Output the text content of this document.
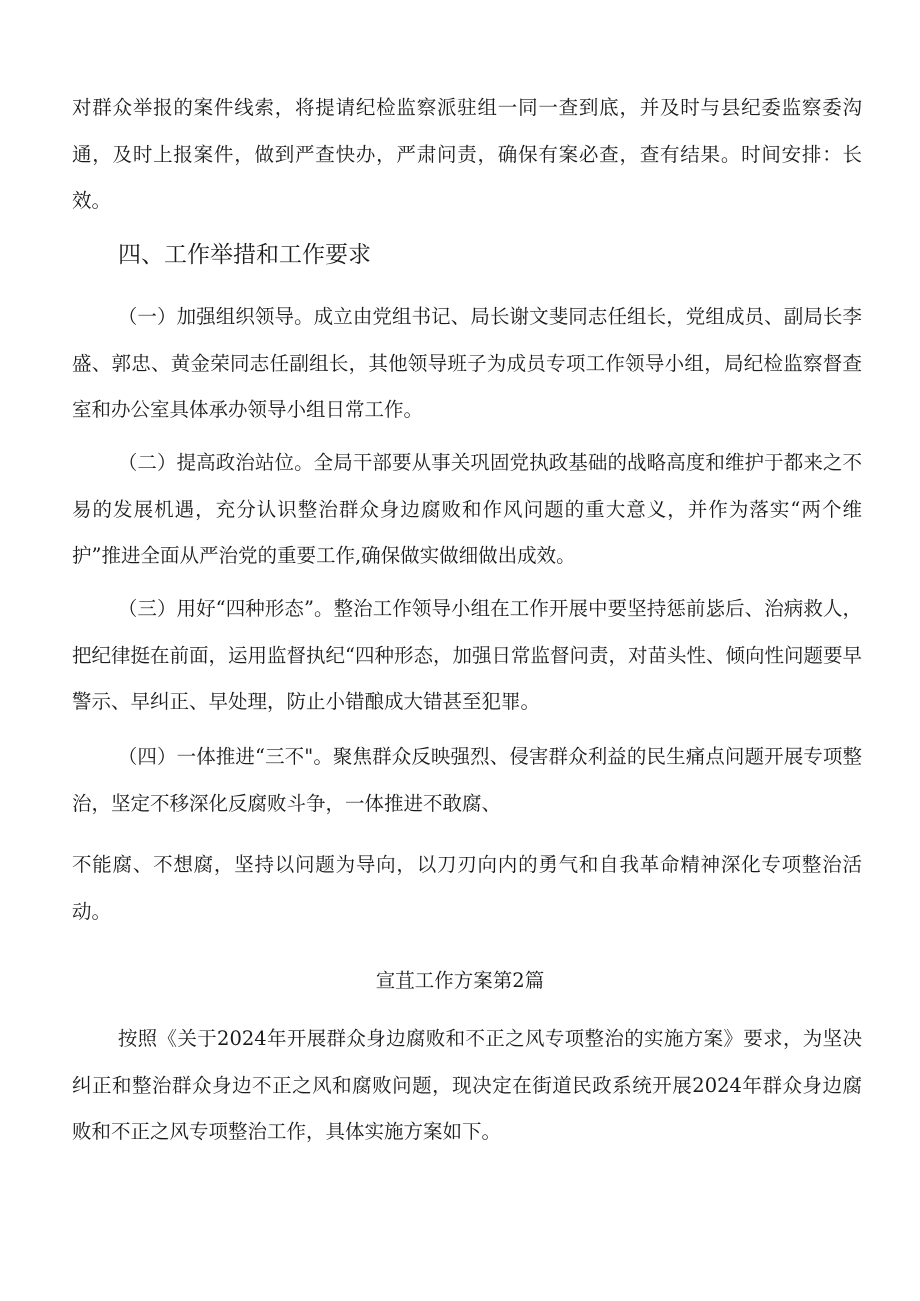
对群众举报的案件线索，将提请纪检监察派驻组一同一查到底，并及时与县纪委监察委沟通，及时上报案件，做到严查快办，严肃问责，确保有案必查，查有结果。时间安排：长效。

四、工作举措和工作要求

（一）加强组织领导。成立由党组书记、局长谢文斐同志任组长，党组成员、副局长李盛、郭忠、黄金荣同志任副组长，其他领导班子为成员专项工作领导小组，局纪检监察督查室和办公室具体承办领导小组日常工作。

（二）提高政治站位。全局干部要从事关巩固党执政基础的战略高度和维护于都来之不易的发展机遇，充分认识整治群众身边腐败和作风问题的重大意义，并作为落实“两个维护”推进全面从严治党的重要工作,确保做实做细做出成效。

（三）用好“四种形态”。整治工作领导小组在工作开展中要坚持惩前毖后、治病救人，把纪律挺在前面，运用监督执纪“四种形态，加强日常监督问责，对苗头性、倾向性问题要早警示、早纠正、早处理，防止小错酿成大错甚至犯罪。

（四）一体推进“三不"。聚焦群众反映强烈、侵害群众利益的民生痛点问题开展专项整治，坚定不移深化反腐败斗争，一体推进不敢腐、

不能腐、不想腐，坚持以问题为导向，以刀刃向内的勇气和自我革命精神深化专项整治活动。

宣苴工作方案第2篇

按照《关于2024年开展群众身边腐败和不正之风专项整治的实施方案》要求，为坚决纠正和整治群众身边不正之风和腐败问题，现决定在街道民政系统开展2024年群众身边腐败和不正之风专项整治工作，具体实施方案如下。
